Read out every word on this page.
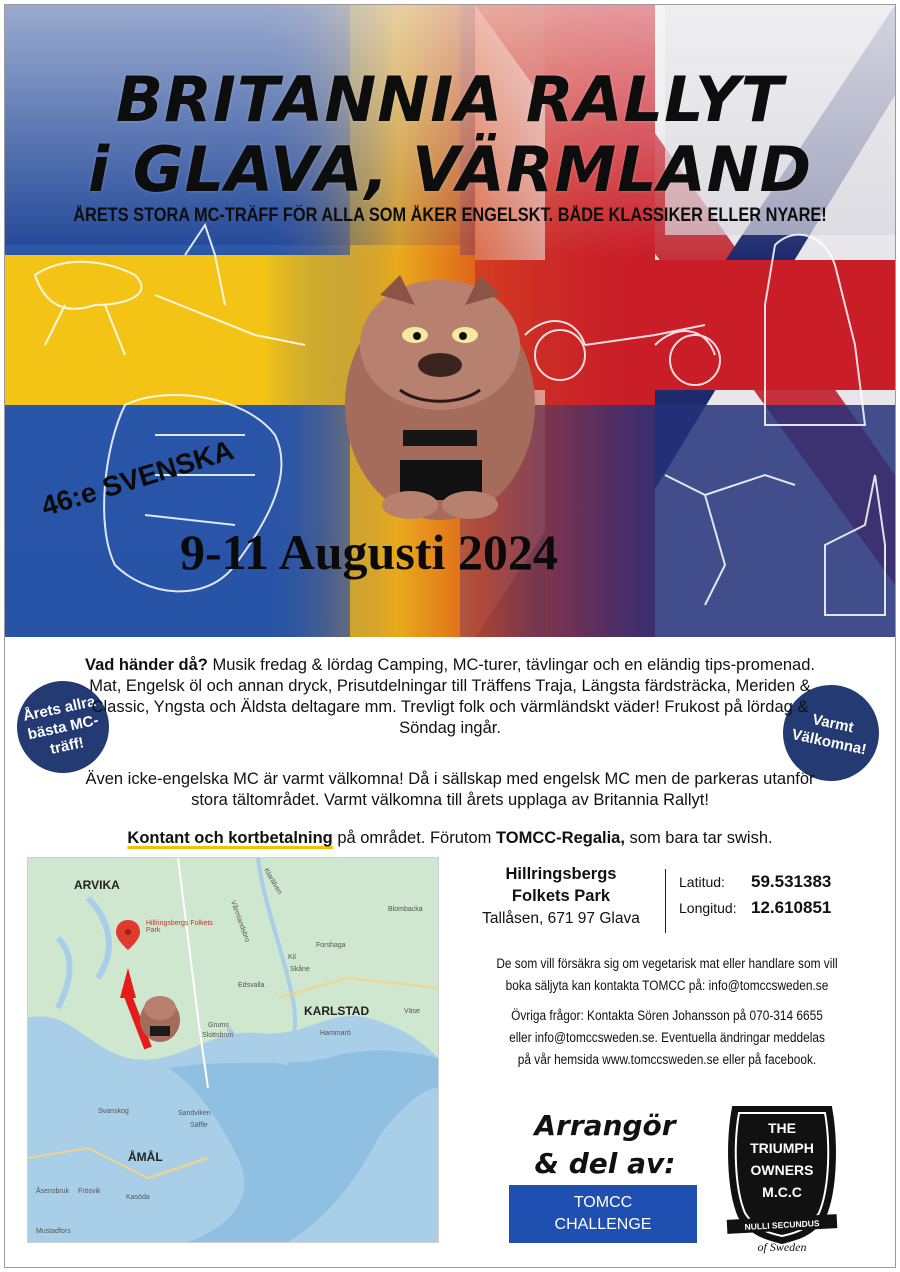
BRITANNIA RALLYT
i GLAVA, VÄRMLAND
ÅRETS STORA MC-TRÄFF FÖR ALLA SOM ÅKER ENGELSKT. BÅDE KLASSIKER ELLER NYARE!
46:e SVENSKA
9-11 Augusti 2024
Årets allra bästa MC-träff!
Varmt Välkomna!
Vad händer då? Musik fredag & lördag Camping, MC-turer, tävlingar och en eländig tips-promenad. Mat, Engelsk öl och annan dryck, Prisutdelningar till Träffens Traja, Längsta färdsträcka, Meriden & Classic, Yngsta och Äldsta deltagare mm. Trevligt folk och värmländskt väder! Frukost på lördag & Söndag ingår.
Även icke-engelska MC är varmt välkomna! Då i sällskap med engelsk MC men de parkeras utanför stora tältområdet. Varmt välkomna till årets upplaga av Britannia Rallyt!
Kontant och kortbetalning på området. Förutom TOMCC-Regalia, som bara tar swish.
ARVIKA
KARLSTAD
ÅMÅL
Hillringsbergs Folkets Park
Blombacka
Forshaga
Kil
Skåne
Edsvalla
Grums
Slottsbron	Hammarö
Väse
Svanskog	Sandviken
Säffle
Frösvik
Mustadfors
Åsensbruk
Kasöda
Vårmlandsbro
Klarälven	Hillringsbergs
Folkets Park
Tallåsen, 671 97 Glava
Latitud: 59.531383
Longitud: 12.610851
De som vill försäkra sig om vegetarisk mat eller handlare som vill
boka säljyta kan kontakta TOMCC på: info@tomccsweden.se
Övriga frågor: Kontakta Sören Johansson på 070-314 6655
eller info@tomccsweden.se. Eventuella ändringar meddelas
på vår hemsida www.tomccsweden.se eller på facebook.
Arrangör
& del av:
TOMCC
CHALLENGE
THE
TRIUMPH
OWNERS
M.C.C
NULLI SECUNDUS
of Sweden
